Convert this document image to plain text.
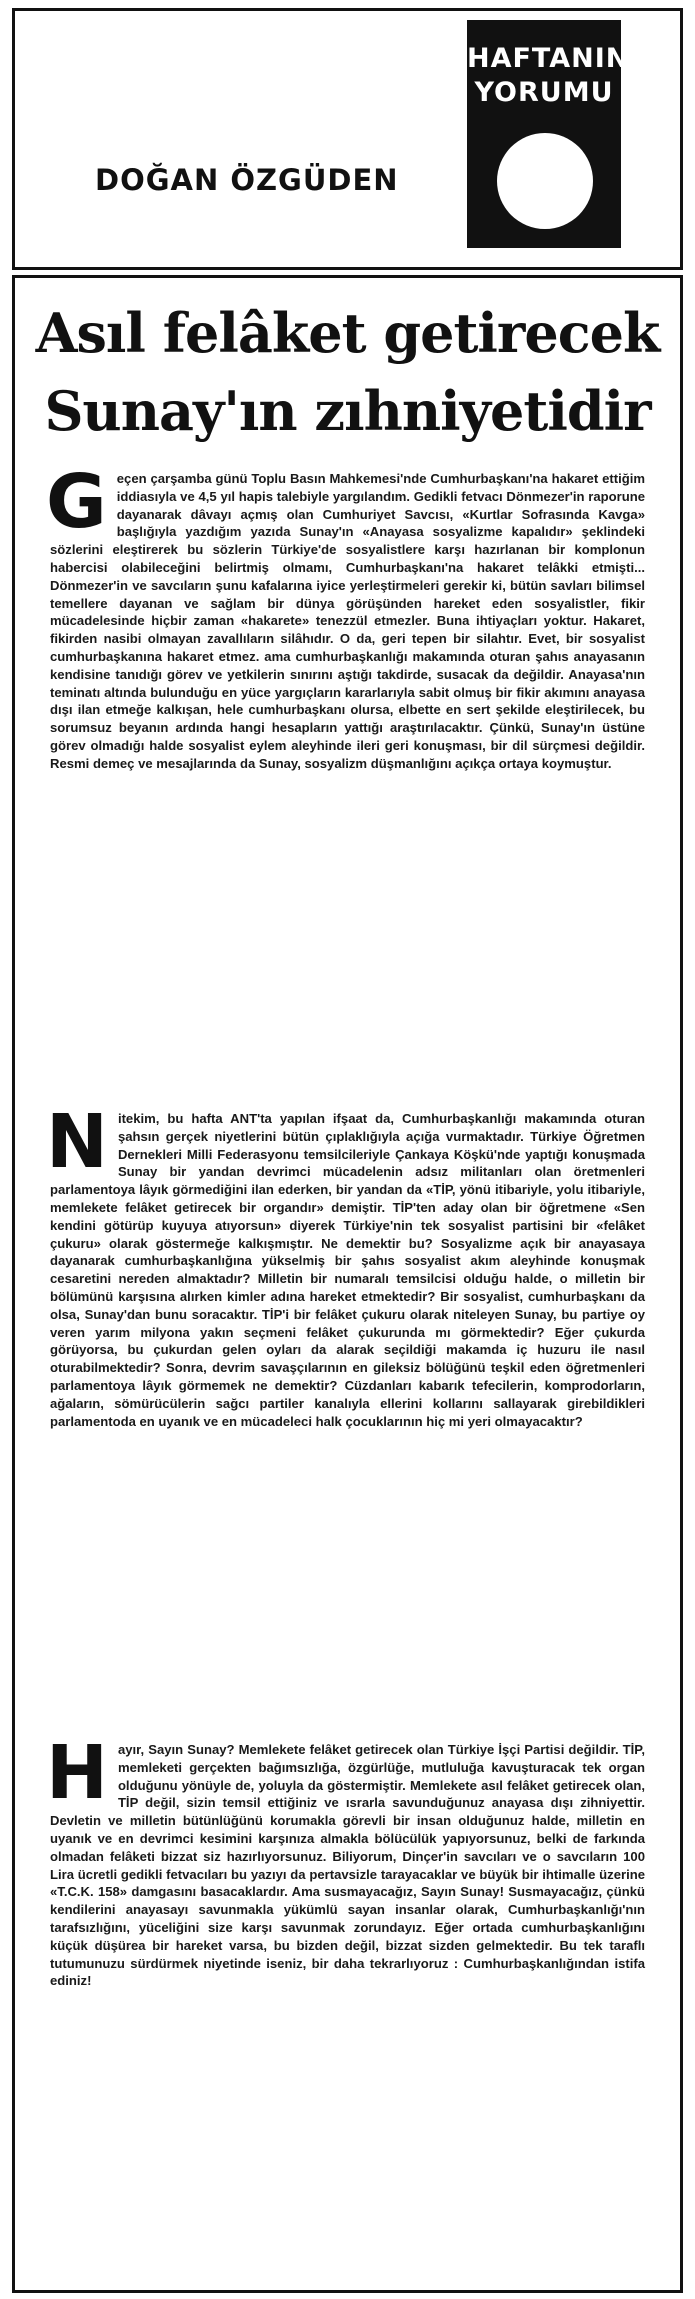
DOĞAN ÖZGÜDEN
HAFTANIN
YORUMU
Asıl felâket getirecek
Sunay'ın zıhniyetidir
G eçen çarşamba günü Toplu Basın Mahkemesi'nde Cumhurbaşkanı'na hakaret ettiğim iddiasıyla ve 4,5 yıl hapis talebiyle yargılandım. Gedikli fetvacı Dönmezer'in raporune dayanarak dâvayı açmış olan Cumhuriyet Savcısı, «Kurtlar Sofrasında Kavga» başlığıyla yazdığım yazıda Sunay'ın «Anayasa sosyalizme kapalıdır» şeklindeki sözlerini eleştirerek bu sözlerin Türkiye'de sosyalistlere karşı hazırlanan bir komplonun habercisi olabileceğini belirtmiş olmamı, Cumhurbaşkanı'na hakaret telâkki etmişti... Dönmezer'in ve savcıların şunu kafalarına iyice yerleştirmeleri gerekir ki, bütün savları bilimsel temellere dayanan ve sağlam bir dünya görüşünden hareket eden sosyalistler, fikir mücadelesinde hiçbir zaman «hakarete» tenezzül etmezler. Buna ihtiyaçları yoktur. Hakaret, fikirden nasibi olmayan zavallıların silâhıdır. O da, geri tepen bir silahtır. Evet, bir sosyalist cumhurbaşkanına hakaret etmez. ama cumhurbaşkanlığı makamında oturan şahıs anayasanın kendisine tanıdığı görev ve yetkilerin sınırını aştığı takdirde, susacak da değildir. Anayasa'nın teminatı altında bulunduğu en yüce yargıçların kararlarıyla sabit olmuş bir fikir akımını anayasa dışı ilan etmeğe kalkışan, hele cumhurbaşkanı olursa, elbette en sert şekilde eleştirilecek, bu sorumsuz beyanın ardında hangi hesapların yattığı araştırılacaktır. Çünkü, Sunay'ın üstüne görev olmadığı halde sosyalist eylem aleyhinde ileri geri konuşması, bir dil sürçmesi değildir. Resmi demeç ve mesajlarında da Sunay, sosyalizm düşmanlığını açıkça ortaya koymuştur.
N itekim, bu hafta ANT'ta yapılan ifşaat da, Cumhurbaşkanlığı makamında oturan şahsın gerçek niyetlerini bütün çıplaklığıyla açığa vurmaktadır. Türkiye Öğretmen Dernekleri Milli Federasyonu temsilcileriyle Çankaya Köşkü'nde yaptığı konuşmada Sunay bir yandan devrimci mücadelenin adsız militanları olan öretmenleri parlamentoya lâyık görmediğini ilan ederken, bir yandan da «TİP, yönü itibariyle, yolu itibariyle, memlekete felâket getirecek bir organdır» demiştir. TİP'ten aday olan bir öğretmene «Sen kendini götürüp kuyuya atıyorsun» diyerek Türkiye'nin tek sosyalist partisini bir «felâket çukuru» olarak göstermeğe kalkışmıştır. Ne demektir bu? Sosyalizme açık bir anayasaya dayanarak cumhurbaşkanlığına yükselmiş bir şahıs sosyalist akım aleyhinde konuşmak cesaretini nereden almaktadır? Milletin bir numaralı temsilcisi olduğu halde, o milletin bir bölümünü karşısına alırken kimler adına hareket etmektedir? Bir sosyalist, cumhurbaşkanı da olsa, Sunay'dan bunu soracaktır. TİP'i bir felâket çukuru olarak niteleyen Sunay, bu partiye oy veren yarım milyona yakın seçmeni felâket çukurunda mı görmektedir? Eğer çukurda görüyorsa, bu çukurdan gelen oyları da alarak seçildiği makamda iç huzuru ile nasıl oturabilmektedir? Sonra, devrim savaşçılarının en gileksiz bölüğünü teşkil eden öğretmenleri parlamentoya lâyık görmemek ne demektir? Cüzdanları kabarık tefecilerin, komprodorların, ağaların, sömürücülerin sağcı partiler kanalıyla ellerini kollarını sallayarak girebildikleri parlamentoda en uyanık ve en mücadeleci halk çocuklarının hiç mi yeri olmayacaktır?
H ayır, Sayın Sunay? Memlekete felâket getirecek olan Türkiye İşçi Partisi değildir. TİP, memleketi gerçekten bağımsızlığa, özgürlüğe, mutluluğa kavuşturacak tek organ olduğunu yönüyle de, yoluyla da göstermiştir. Memlekete asıl felâket getirecek olan, TİP değil, sizin temsil ettiğiniz ve ısrarla savunduğunuz anayasa dışı zihniyettir. Devletin ve milletin bütünlüğünü korumakla görevli bir insan olduğunuz halde, milletin en uyanık ve en devrimci kesimini karşınıza almakla bölücülük yapıyorsunuz, belki de farkında olmadan felâketi bizzat siz hazırlıyorsunuz. Biliyorum, Dinçer'in savcıları ve o savcıların 100 Lira ücretli gedikli fetvacıları bu yazıyı da pertavsizle tarayacaklar ve büyük bir ihtimalle üzerine «T.C.K. 158» damgasını basacaklardır. Ama susmayacağız, Sayın Sunay! Susmayacağız, çünkü kendilerini anayasayı savunmakla yükümlü sayan insanlar olarak, Cumhurbaşkanlığı'nın tarafsızlığını, yüceliğini size karşı savunmak zorundayız. Eğer ortada cumhurbaşkanlığını küçük düşürea bir hareket varsa, bu bizden değil, bizzat sizden gelmektedir. Bu tek taraflı tutumunuzu sürdürmek niyetinde iseniz, bir daha tekrarlıyoruz : Cumhurbaşkanlığından istifa ediniz!
